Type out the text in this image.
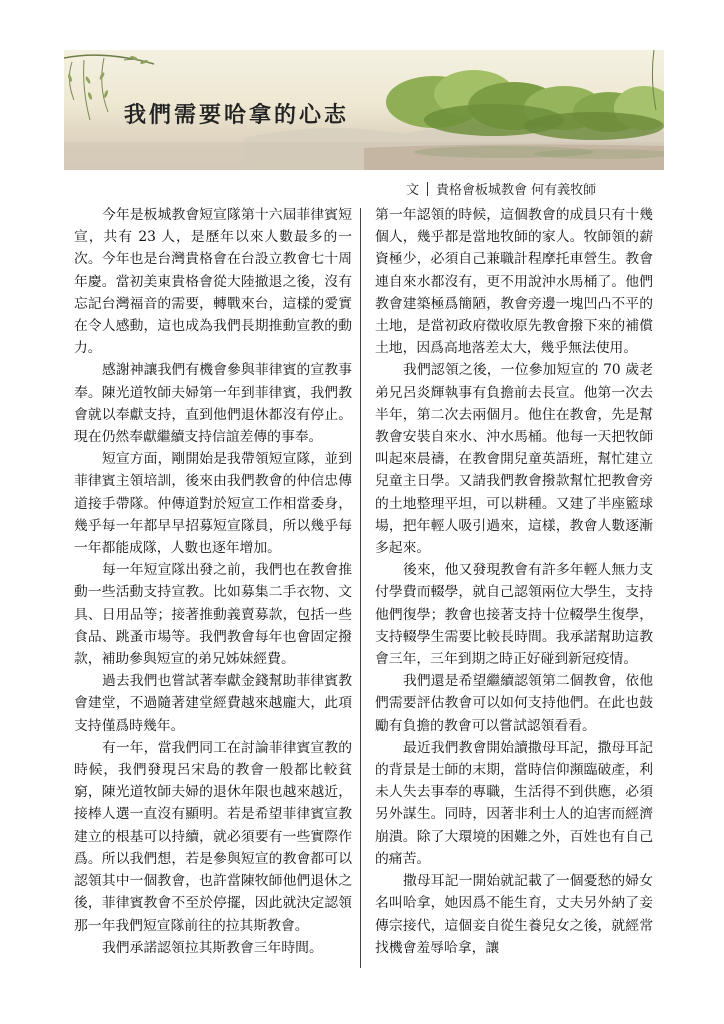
我們需要哈拿的心志
文 貴格會板城教會 何有義牧師

今年是板城教會短宣隊第十六屆菲律賓短宣，共有 23 人，是歷年以來人數最多的一次。今年也是台灣貴格會在台設立教會七十周年慶。當初美東貴格會從大陸撤退之後，沒有忘記台灣福音的需要，轉戰來台，這樣的愛實在令人感動，這也成為我們長期推動宣教的動力。

感謝神讓我們有機會參與菲律賓的宣教事奉。陳光道牧師夫婦第一年到菲律賓，我們教會就以奉獻支持，直到他們退休都沒有停止。現在仍然奉獻繼續支持信誼差傳的事奉。

短宣方面，剛開始是我帶領短宣隊，並到菲律賓主領培訓，後來由我們教會的仲信忠傳道接手帶隊。仲傳道對於短宣工作相當委身，幾乎每一年都早早招募短宣隊員，所以幾乎每一年都能成隊，人數也逐年增加。

每一年短宣隊出發之前，我們也在教會推動一些活動支持宣教。比如募集二手衣物、文具、日用品等；接著推動義賣募款，包括一些食品、跳蚤市場等。我們教會每年也會固定撥款，補助參與短宣的弟兄姊妹經費。

過去我們也嘗試著奉獻金錢幫助菲律賓教會建堂，不過隨著建堂經費越來越龐大，此項支持僅爲時幾年。

有一年，當我們同工在討論菲律賓宣教的時候，我們發現呂宋島的教會一般都比較貧窮，陳光道牧師夫婦的退休年限也越來越近，接棒人選一直沒有顯明。若是希望菲律賓宣教建立的根基可以持續，就必須要有一些實際作爲。所以我們想，若是參與短宣的教會都可以認領其中一個教會，也許當陳牧師他們退休之後，菲律賓教會不至於停擺，因此就決定認領那一年我們短宣隊前往的拉其斯教會。

我們承諾認領拉其斯教會三年時間。

第一年認領的時候，這個教會的成員只有十幾個人，幾乎都是當地牧師的家人。牧師領的薪資極少，必須自己兼職計程摩托車營生。教會連自來水都沒有，更不用說沖水馬桶了。他們教會建築極爲簡陋，教會旁邊一塊凹凸不平的土地，是當初政府徵收原先教會撥下來的補償土地，因爲高地落差太大，幾乎無法使用。

我們認領之後，一位參加短宣的 70 歲老弟兄呂炎輝執事有負擔前去長宣。他第一次去半年，第二次去兩個月。他住在教會，先是幫教會安裝自來水、沖水馬桶。他每一天把牧師叫起來晨禱，在教會開兒童英語班，幫忙建立兒童主日學。又請我們教會撥款幫忙把教會旁的土地整理平坦，可以耕種。又建了半座籃球場，把年輕人吸引過來，這樣，教會人數逐漸多起來。

後來，他又發現教會有許多年輕人無力支付學費而輟學，就自己認領兩位大學生，支持他們復學；教會也接著支持十位輟學生復學，支持輟學生需要比較長時間。我承諾幫助這教會三年，三年到期之時正好碰到新冠疫情。

我們還是希望繼續認領第二個教會，依他們需要評估教會可以如何支持他們。在此也鼓勵有負擔的教會可以嘗試認領看看。

最近我們教會開始讀撒母耳記，撒母耳記的背景是士師的末期，當時信仰瀕臨破產，利未人失去事奉的專職，生活得不到供應，必須另外謀生。同時，因著非利士人的迫害而經濟崩潰。除了大環境的困難之外，百姓也有自己的痛苦。

撒母耳記一開始就記載了一個憂愁的婦女名叫哈拿，她因爲不能生育，丈夫另外納了妾傳宗接代，這個妾自從生養兒女之後，就經常找機會羞辱哈拿，讓
